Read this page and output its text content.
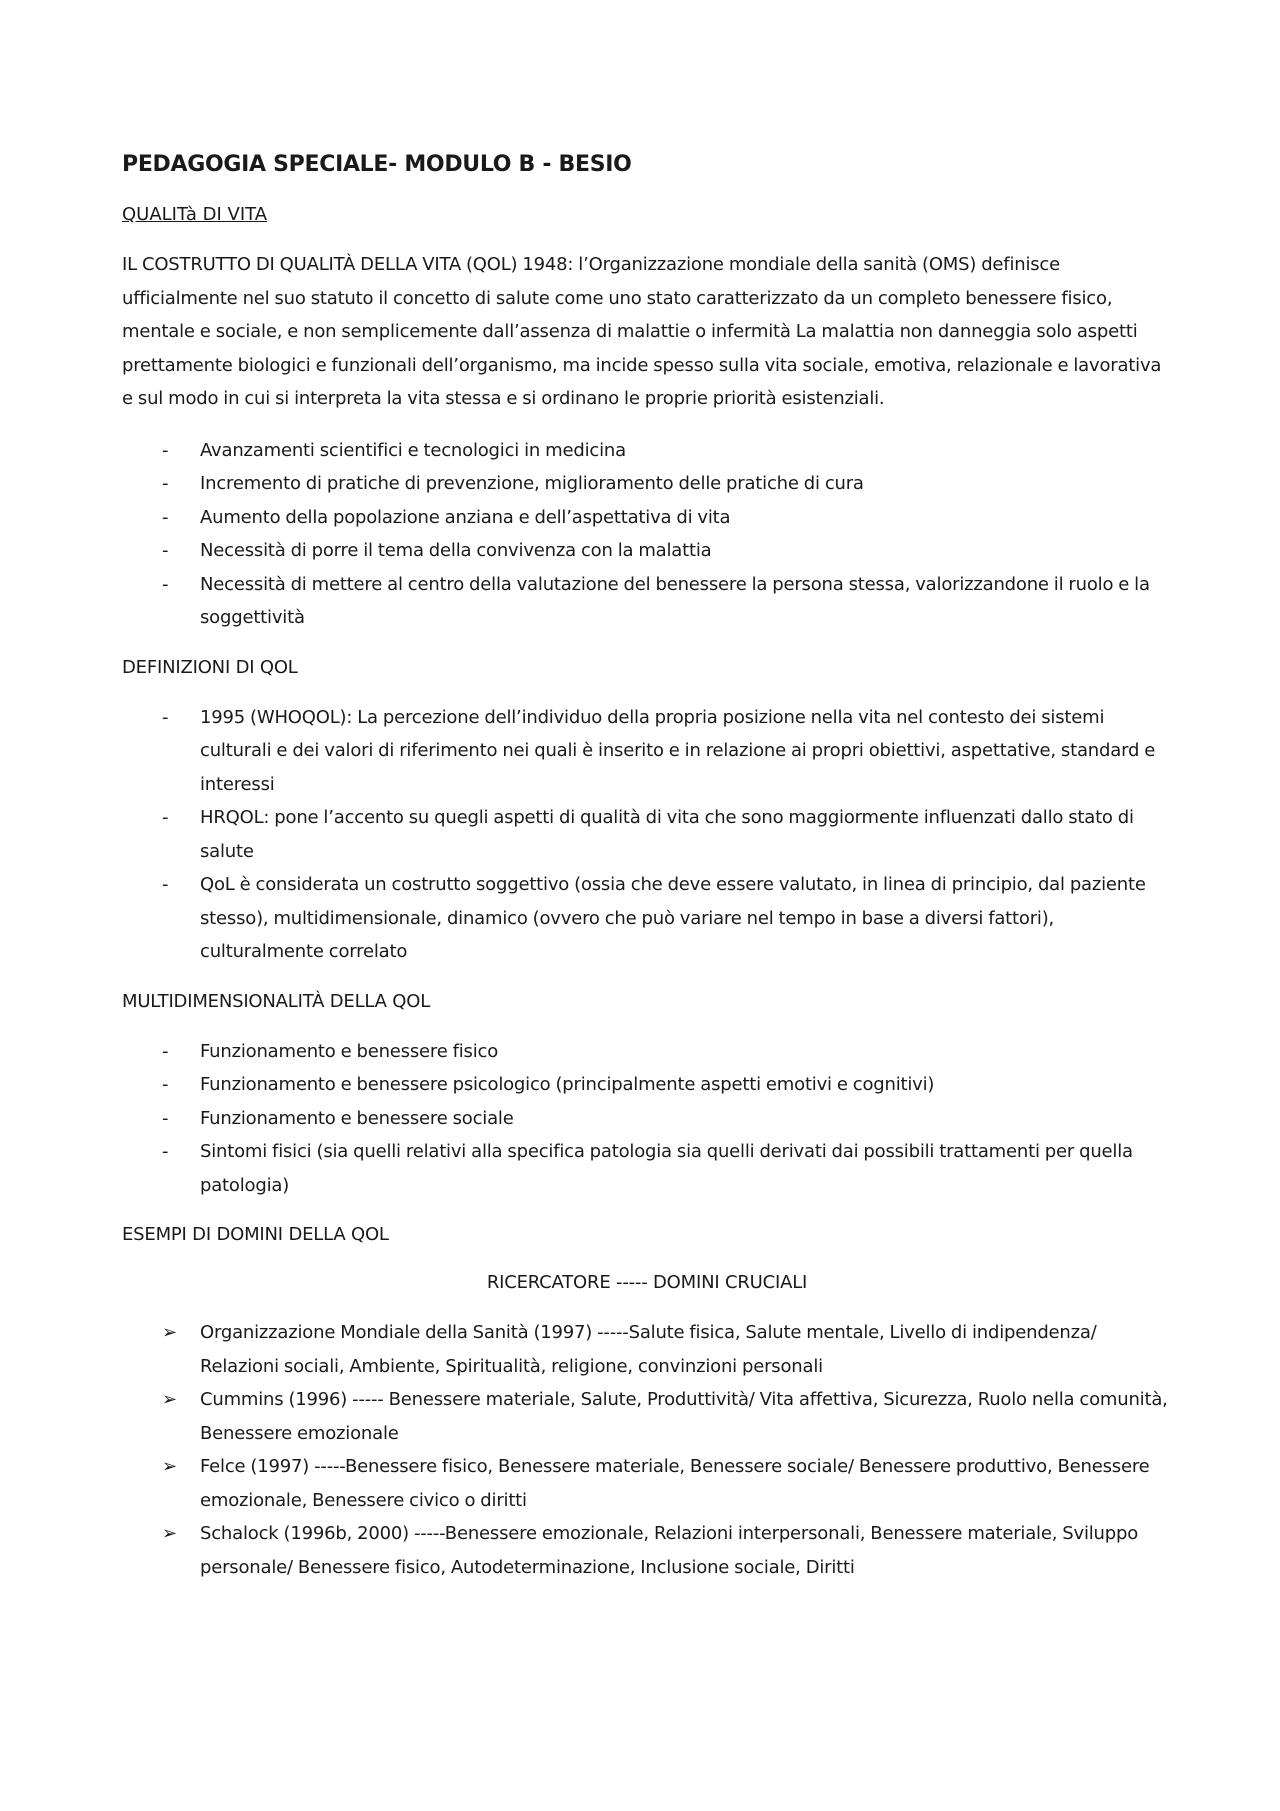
PEDAGOGIA SPECIALE- MODULO B - BESIO
QUALITà DI VITA
IL COSTRUTTO DI QUALITÀ DELLA VITA (QOL) 1948: l’Organizzazione mondiale della sanità (OMS) definisce ufficialmente nel suo statuto il concetto di salute come uno stato caratterizzato da un completo benessere fisico, mentale e sociale, e non semplicemente dall’assenza di malattie o infermità La malattia non danneggia solo aspetti prettamente biologici e funzionali dell’organismo, ma incide spesso sulla vita sociale, emotiva, relazionale e lavorativa e sul modo in cui si interpreta la vita stessa e si ordinano le proprie priorità esistenziali.
- Avanzamenti scientifici e tecnologici in medicina
- Incremento di pratiche di prevenzione, miglioramento delle pratiche di cura
- Aumento della popolazione anziana e dell’aspettativa di vita
- Necessità di porre il tema della convivenza con la malattia
- Necessità di mettere al centro della valutazione del benessere la persona stessa, valorizzandone il ruolo e la soggettività
DEFINIZIONI DI QOL
- 1995 (WHOQOL): La percezione dell’individuo della propria posizione nella vita nel contesto dei sistemi culturali e dei valori di riferimento nei quali è inserito e in relazione ai propri obiettivi, aspettative, standard e interessi
- HRQOL: pone l’accento su quegli aspetti di qualità di vita che sono maggiormente influenzati dallo stato di salute
- QoL è considerata un costrutto soggettivo (ossia che deve essere valutato, in linea di principio, dal paziente stesso), multidimensionale, dinamico (ovvero che può variare nel tempo in base a diversi fattori), culturalmente correlato
MULTIDIMENSIONALITÀ DELLA QOL
- Funzionamento e benessere fisico
- Funzionamento e benessere psicologico (principalmente aspetti emotivi e cognitivi)
- Funzionamento e benessere sociale
- Sintomi fisici (sia quelli relativi alla specifica patologia sia quelli derivati dai possibili trattamenti per quella patologia)
ESEMPI DI DOMINI DELLA QOL
RICERCATORE ----- DOMINI CRUCIALI
➢ Organizzazione Mondiale della Sanità (1997) -----Salute fisica, Salute mentale, Livello di indipendenza/ Relazioni sociali, Ambiente, Spiritualità, religione, convinzioni personali
➢ Cummins (1996) ----- Benessere materiale, Salute, Produttività/ Vita affettiva, Sicurezza, Ruolo nella comunità, Benessere emozionale
➢ Felce (1997) -----Benessere fisico, Benessere materiale, Benessere sociale/ Benessere produttivo, Benessere emozionale, Benessere civico o diritti
➢ Schalock (1996b, 2000) -----Benessere emozionale, Relazioni interpersonali, Benessere materiale, Sviluppo personale/ Benessere fisico, Autodeterminazione, Inclusione sociale, Diritti
